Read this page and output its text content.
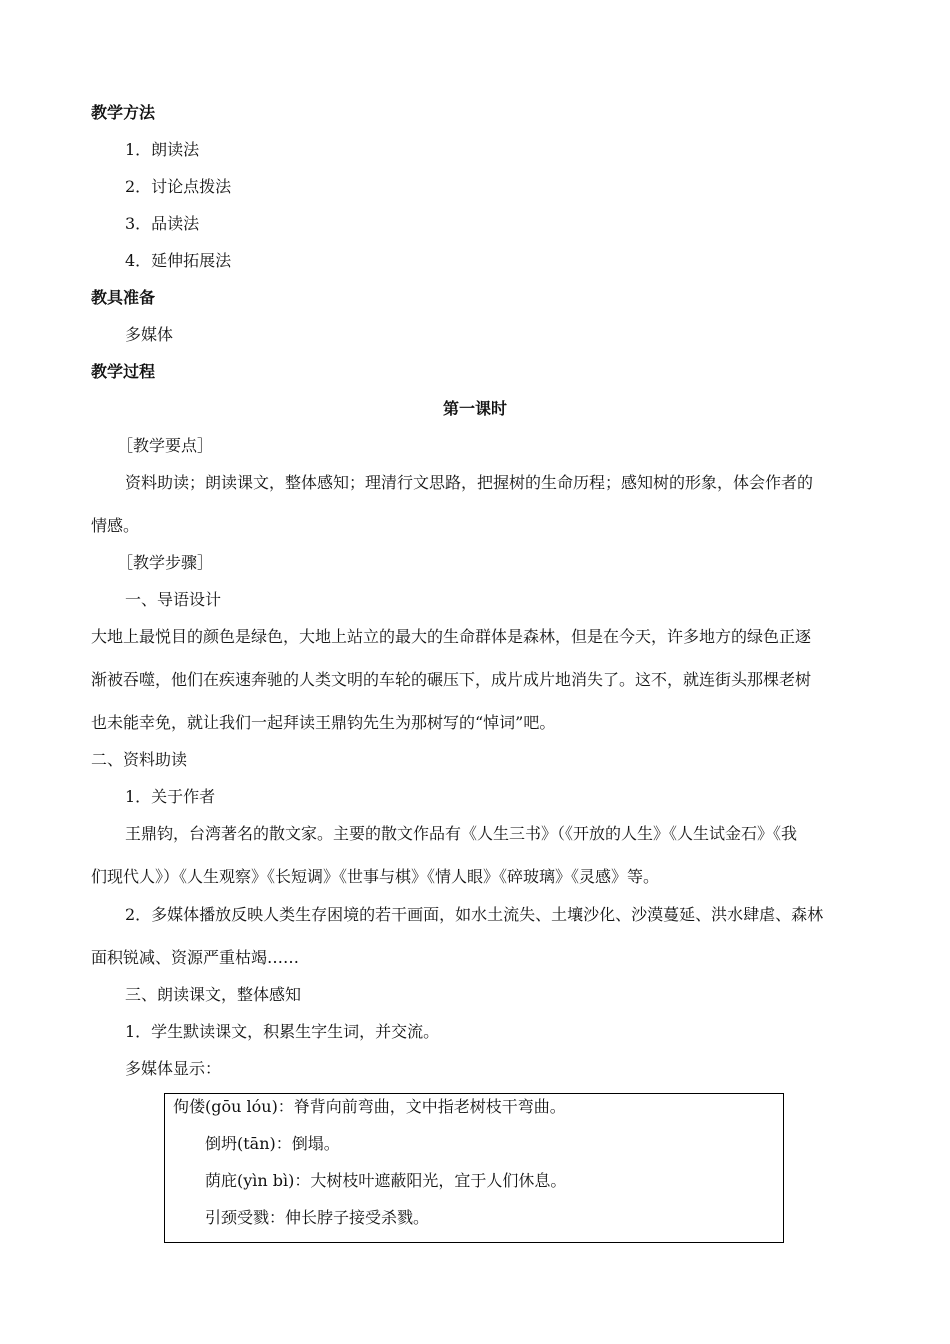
教学方法
1．朗读法
2．讨论点拨法
3．品读法
4．延伸拓展法
教具准备
多媒体
教学过程
第一课时
［教学要点］
资料助读；朗读课文，整体感知；理清行文思路，把握树的生命历程；感知树的形象，体会作者的
情感。
［教学步骤］
一、导语设计
大地上最悦目的颜色是绿色，大地上站立的最大的生命群体是森林，但是在今天，许多地方的绿色正逐
渐被吞噬，他们在疾速奔驰的人类文明的车轮的碾压下，成片成片地消失了。这不，就连街头那棵老树
也未能幸免，就让我们一起拜读王鼎钧先生为那树写的“悼词”吧。
二、资料助读
1．关于作者
王鼎钧，台湾著名的散文家。主要的散文作品有《人生三书》（《开放的人生》《人生试金石》《我
们现代人》）《人生观察》《长短调》《世事与棋》《情人眼》《碎玻璃》《灵感》等。
2．多媒体播放反映人类生存困境的若干画面，如水土流失、土壤沙化、沙漠蔓延、洪水肆虐、森林
面积锐减、资源严重枯竭……
三、朗读课文，整体感知
1．学生默读课文，积累生字生词，并交流。
多媒体显示：
佝偻(gōu lóu)：脊背向前弯曲，文中指老树枝干弯曲。
倒坍(tān)：倒塌。
荫庇(yìn bì)：大树枝叶遮蔽阳光，宜于人们休息。
引颈受戮：伸长脖子接受杀戮。
